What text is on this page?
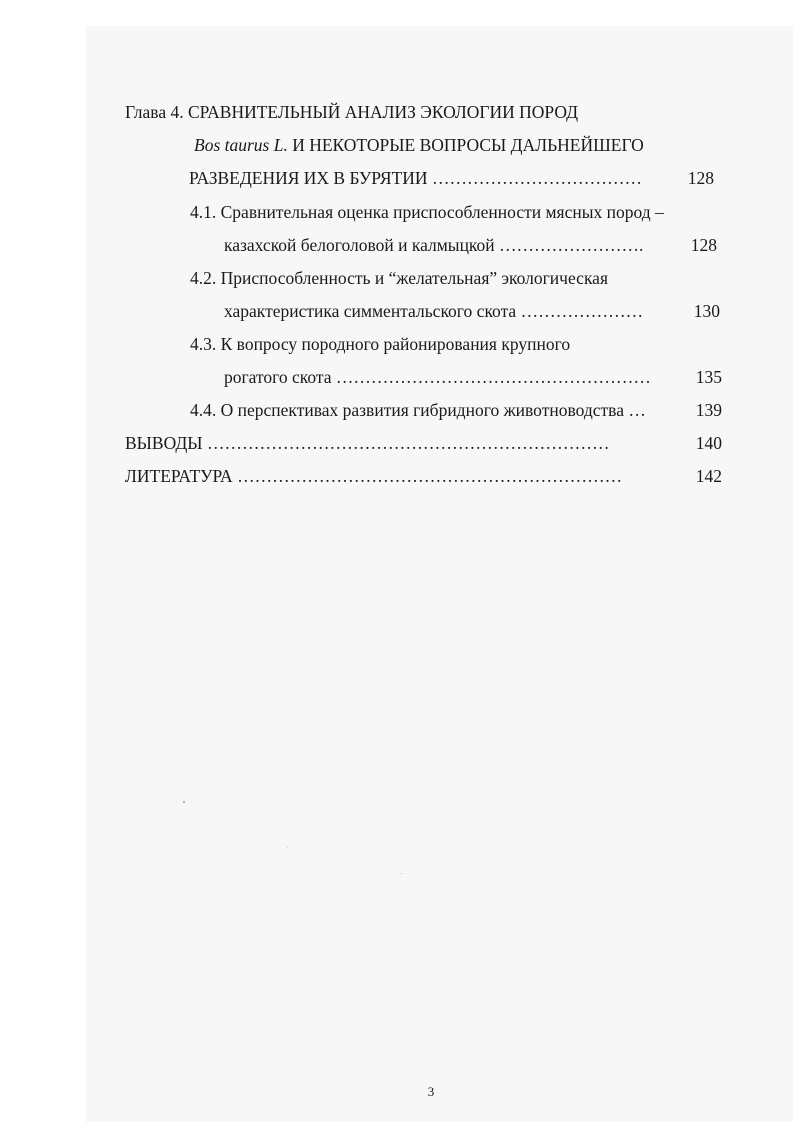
Глава 4. СРАВНИТЕЛЬНЫЙ АНАЛИЗ ЭКОЛОГИИ ПОРОД
Bos taurus L. И НЕКОТОРЫЕ ВОПРОСЫ ДАЛЬНЕЙШЕГО
РАЗВЕДЕНИЯ ИХ В БУРЯТИИ ………………………………	128
4.1. Сравнительная оценка приспособленности мясных пород –
казахской белоголовой и калмыцкой …………………….	128
4.2. Приспособленность и “желательная” экологическая
характеристика симментальского скота …………………	130
4.3. К вопросу породного районирования крупного
рогатого скота ………………………………………………	135
4.4. О перспективах развития гибридного животноводства …	139
ВЫВОДЫ ……………………………………………………………	140
ЛИТЕРАТУРА …………………………………………………………	142
3
